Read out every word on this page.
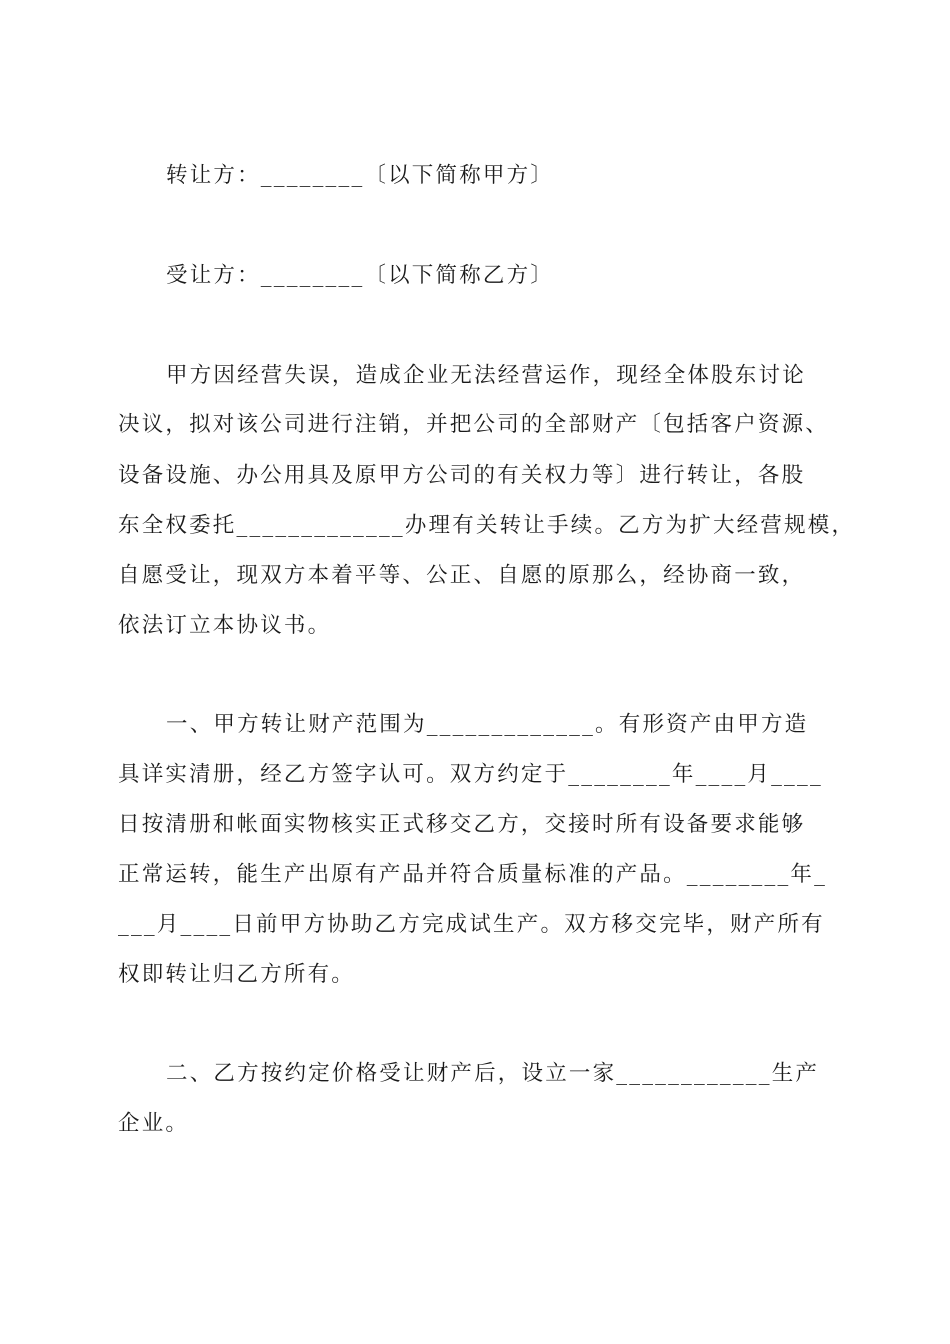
转让方：________〔以下简称甲方〕

受让方：________〔以下简称乙方〕

甲方因经营失误，造成企业无法经营运作，现经全体股东讨论

决议，拟对该公司进行注销，并把公司的全部财产〔包括客户资源、

设备设施、办公用具及原甲方公司的有关权力等〕进行转让，各股

东全权委托_____________办理有关转让手续。乙方为扩大经营规模，

自愿受让，现双方本着平等、公正、自愿的原那么，经协商一致，

依法订立本协议书。

一、甲方转让财产范围为_____________。有形资产由甲方造

具详实清册，经乙方签字认可。双方约定于________年____月____

日按清册和帐面实物核实正式移交乙方，交接时所有设备要求能够

正常运转，能生产出原有产品并符合质量标准的产品。________年_

___月____日前甲方协助乙方完成试生产。双方移交完毕，财产所有

权即转让归乙方所有。

二、乙方按约定价格受让财产后，设立一家____________生产

企业。
